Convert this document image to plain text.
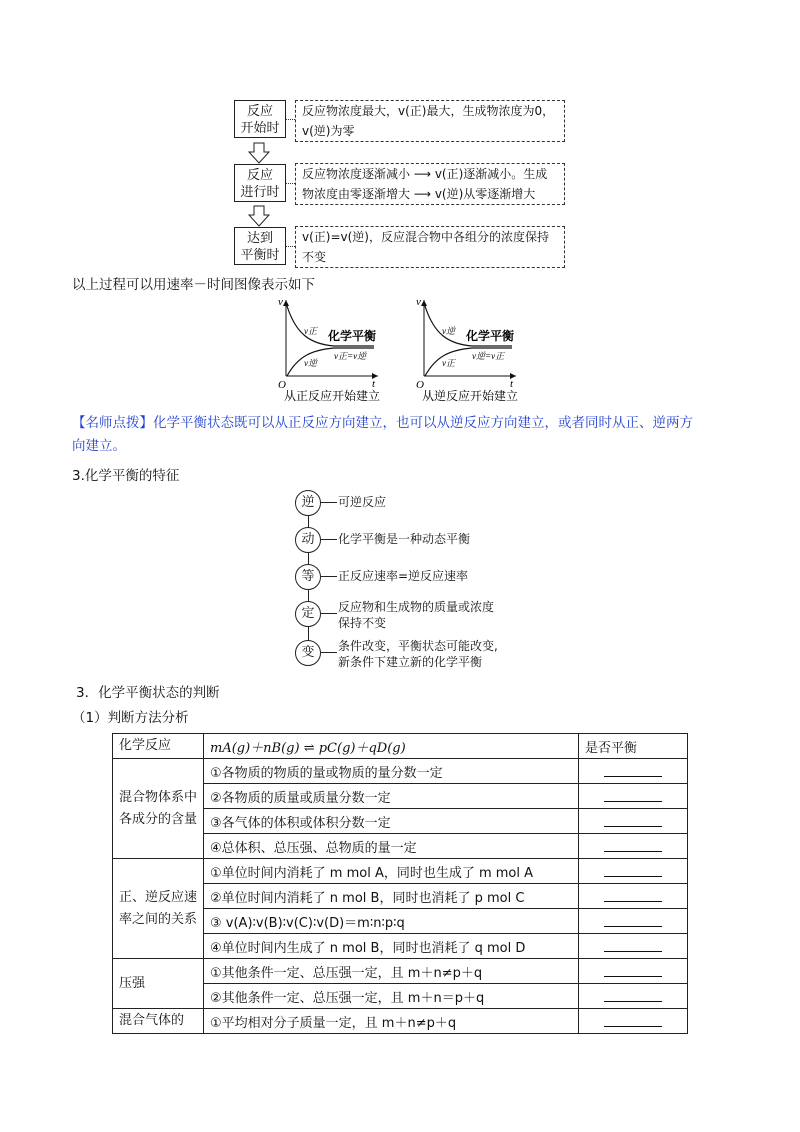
反应
开始时
反应物浓度最大，v(正)最大，生成物浓度为0，
v(逆)为零
反应
进行时
反应物浓度逐渐减小 ⟶ v(正)逐渐减小。生成
物浓度由零逐渐增大 ⟶ v(逆)从零逐渐增大
达到
平衡时
v(正)=v(逆)，反应混合物中各组分的浓度保持
不变
以上过程可以用速率－时间图像表示如下
v
O	t
v正
v逆
化学平衡
v正=v逆
从正反应开始建立
v
O	t
v逆
v正
化学平衡
v逆=v正
从逆反应开始建立
【名师点拨】化学平衡状态既可以从正反应方向建立，也可以从逆反应方向建立，或者同时从正、逆两方
向建立。
3.化学平衡的特征
逆	可逆反应
动	化学平衡是一种动态平衡
等	正反应速率=逆反应速率
定	反应物和生成物的质量或浓度
保持不变
变	条件改变，平衡状态可能改变,
新条件下建立新的化学平衡
3．化学平衡状态的判断
（1）判断方法分析
化学反应	mA(g)＋nB(g) ⇌ pC(g)＋qD(g)	是否平衡
混合物体系中各成分的含量	①各物质的物质的量或物质的量分数一定	
	②各物质的质量或质量分数一定	
	③各气体的体积或体积分数一定	
	④总体积、总压强、总物质的量一定	
正、逆反应速率之间的关系	①单位时间内消耗了 m mol A，同时也生成了 m mol A	
	②单位时间内消耗了 n mol B，同时也消耗了 p mol C	
	③ v(A)∶v(B)∶v(C)∶v(D)＝m∶n∶p∶q	
	④单位时间内生成了 n mol B，同时也消耗了 q mol D	
压强	①其他条件一定、总压强一定，且 m＋n≠p＋q	
	②其他条件一定、总压强一定，且 m＋n＝p＋q	
混合气体的	①平均相对分子质量一定，且 m＋n≠p＋q	
